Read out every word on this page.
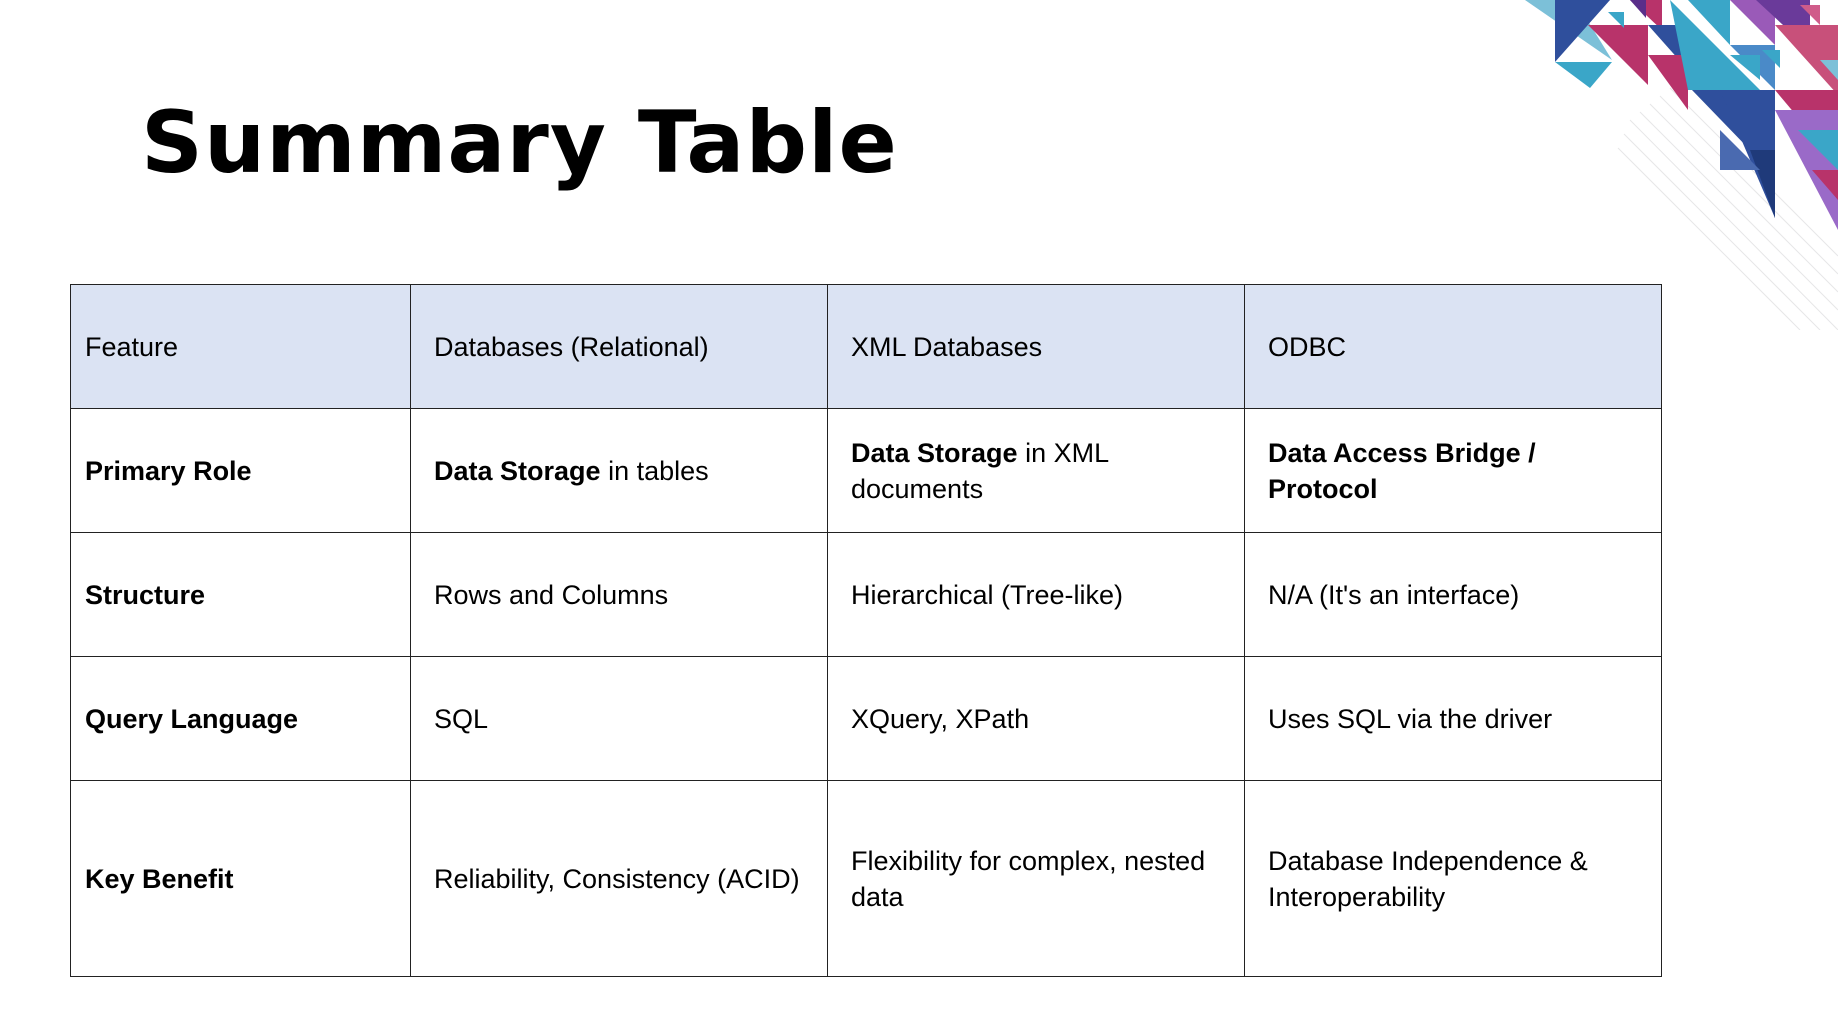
Summary Table
Feature	Databases (Relational)	XML Databases	ODBC
Primary Role	Data Storage in tables	Data Storage in XML documents	Data Access Bridge / Protocol
Structure	Rows and Columns	Hierarchical (Tree-like)	N/A (It's an interface)
Query Language	SQL	XQuery, XPath	Uses SQL via the driver
Key Benefit	Reliability, Consistency (ACID)	Flexibility for complex, nested data	Database Independence & Interoperability
